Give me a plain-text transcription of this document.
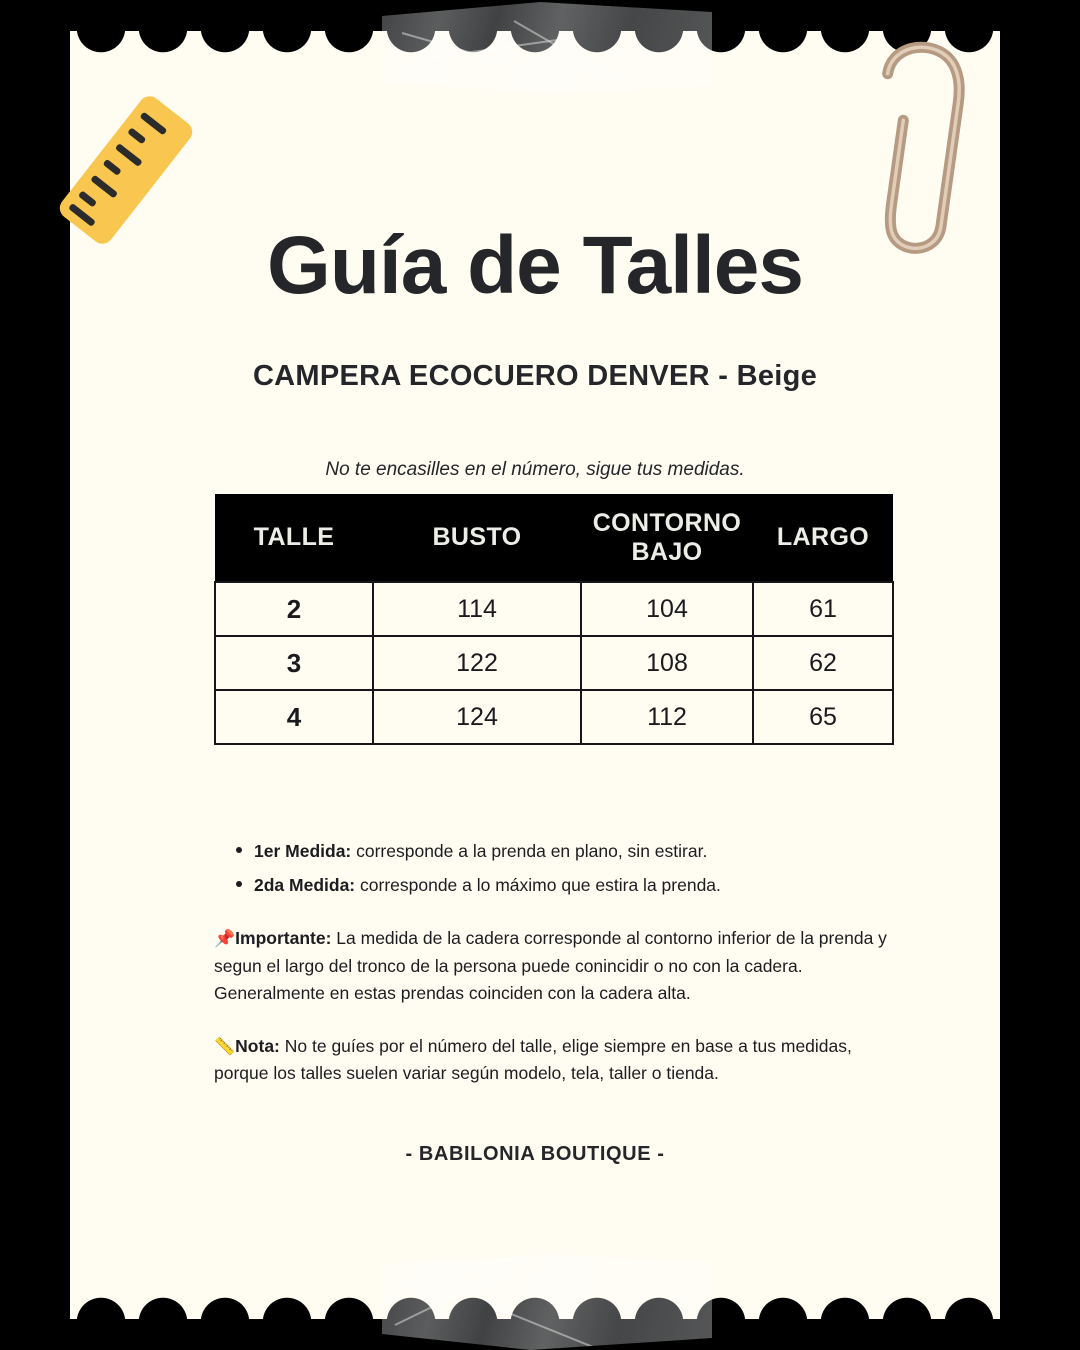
Guía de Talles
CAMPERA ECOCUERO DENVER - Beige
No te encasilles en el número, sigue tus medidas.
TALLE	BUSTO	CONTORNO BAJO	LARGO
2	114	104	61
3	122	108	62
4	124	112	65
1er Medida: corresponde a la prenda en plano, sin estirar.
2da Medida: corresponde a lo máximo que estira la prenda.

📌Importante: La medida de la cadera corresponde al contorno inferior de la prenda y segun el largo del tronco de la persona puede conincidir o no con la cadera. Generalmente en estas prendas coinciden con la cadera alta.

📏Nota: No te guíes por el número del talle, elige siempre en base a tus medidas, porque los talles suelen variar según modelo, tela, taller o tienda.

- BABILONIA BOUTIQUE -
